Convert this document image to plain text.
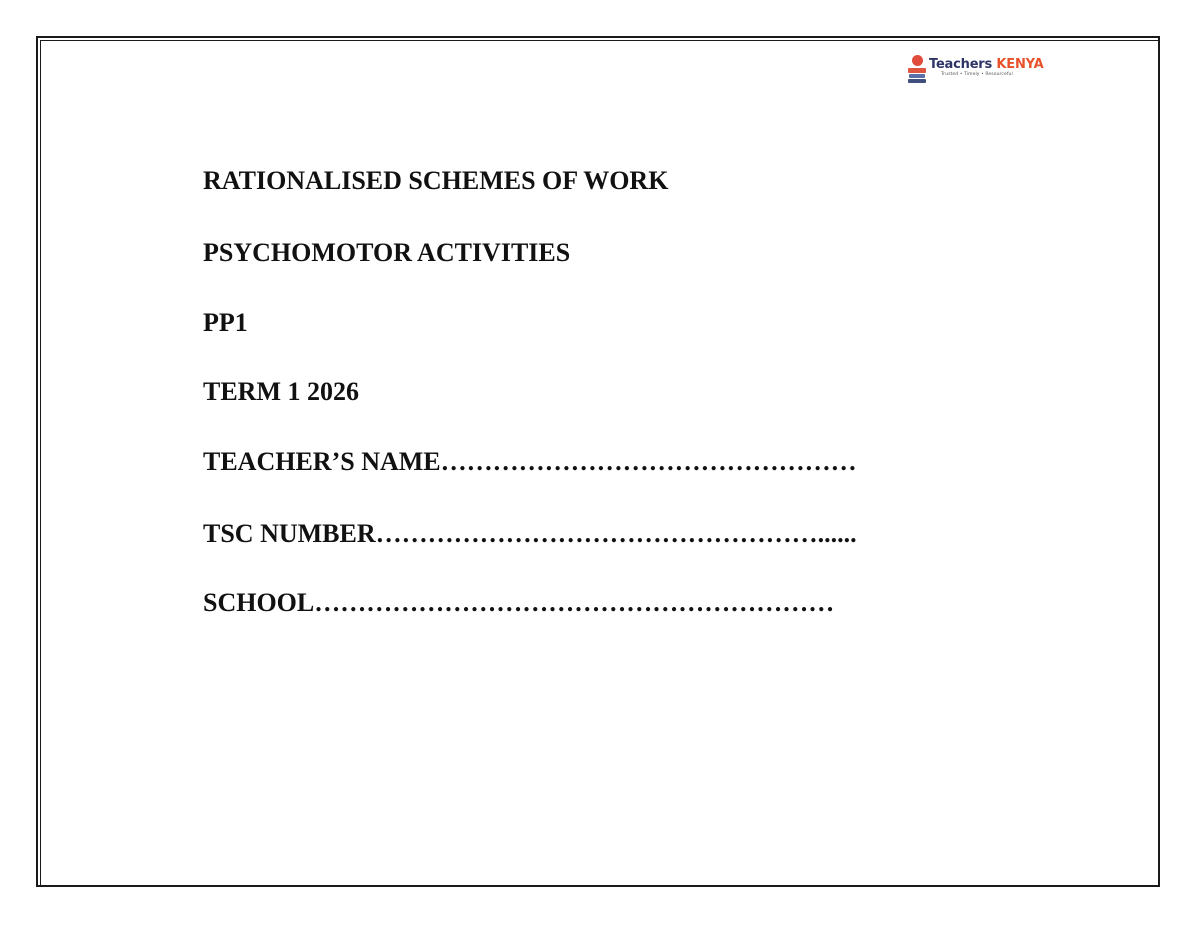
Teachers KENYA
Trusted • Timely • Resourceful
RATIONALISED SCHEMES OF WORK
PSYCHOMOTOR ACTIVITIES
PP1
TERM 1 2026
TEACHER’S NAME…………………………………………
TSC NUMBER……………………………………………......
SCHOOL……………………………………………………
